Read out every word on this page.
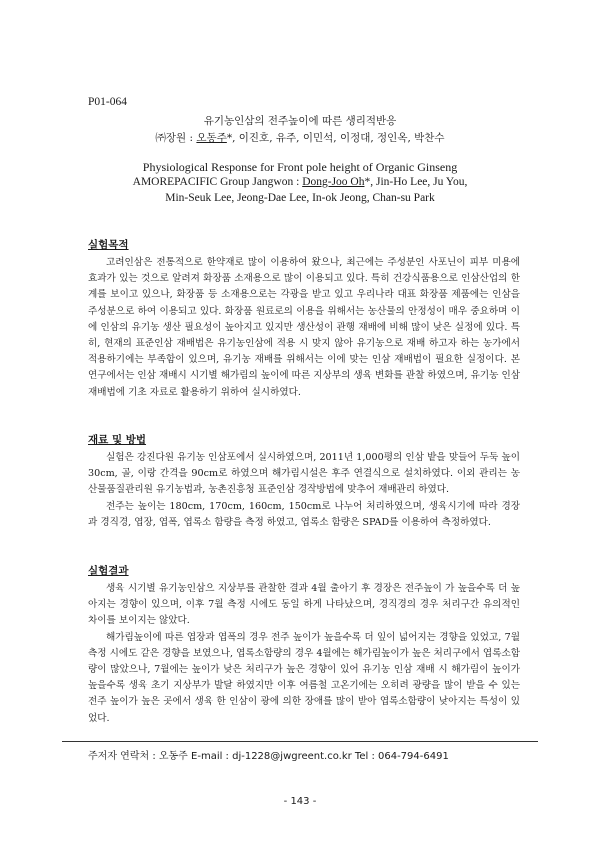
P01-064
유기농인삼의 전주높이에 따른 생리적반응
㈜장원 : 오동주*, 이진호, 유주, 이민석, 이정대, 정인옥, 박찬수
Physiological Response for Front pole height of Organic Ginseng
AMOREPACIFIC Group Jangwon : Dong-Joo Oh*, Jin-Ho Lee, Ju You,
Min-Seuk Lee, Jeong-Dae Lee, In-ok Jeong, Chan-su Park
실험목적

고려인삼은 전통적으로 한약재로 많이 이용하여 왔으나, 최근에는 주성분인 사포닌이 피부 미용에 효과가 있는 것으로 알려져 화장품 소재용으로 많이 이용되고 있다. 특히 건강식품용으로 인삼산업의 한계를 보이고 있으나, 화장품 등 소재용으로는 각광을 받고 있고 우리나라 대표 화장품 제품에는 인삼을 주성분으로 하여 이용되고 있다. 화장품 원료로의 이용을 위해서는 농산물의 안정성이 매우 중요하며 이에 인삼의 유기농 생산 필요성이 높아지고 있지만 생산성이 관행 재배에 비해 많이 낮은 실정에 있다. 특히, 현재의 표준인삼 재배법은 유기농인삼에 적용 시 맞지 않아 유기농으로 재배 하고자 하는 농가에서 적용하기에는 부족함이 있으며, 유기농 재배를 위해서는 이에 맞는 인삼 재배법이 필요한 실정이다. 본 연구에서는 인삼 재배시 시기별 해가림의 높이에 따른 지상부의 생육 변화를 관찰 하였으며, 유기농 인삼 재배법에 기초 자료로 활용하기 위하여 실시하였다.

재료 및 방법

실험은 강진다원 유기농 인삼포에서 실시하였으며, 2011년 1,000평의 인삼 밭을 맞들어 두둑 높이 30cm, 골, 이랑 간격을 90cm로 하였으며 해가림시설은 후주 연결식으로 설치하였다. 이외 관리는 농산물품질관리원 유기농법과, 농촌진흥청 표준인삼 경작방법에 맞추어 재배관리 하였다.

전주는 높이는 180cm, 170cm, 160cm, 150cm로 나누어 처리하였으며, 생육시기에 따라 경장과 경직경, 엽장, 엽폭, 엽록소 함량을 측정 하였고, 엽록소 함량은 SPAD를 이용하여 측정하였다.

실험결과

생육 시기별 유기농인삼으 지상부를 관찰한 결과 4월 출아기 후 경장은 전주높이 가 높을수록 더 높아지는 경향이 있으며, 이후 7월 측정 시에도 동일 하게 나타났으며, 경직경의 경우 처리구간 유의적인 차이를 보이지는 않았다.

해가림높이에 따른 엽장과 엽폭의 경우 전주 높이가 높을수록 더 잎이 넓어지는 경향을 있었고, 7월 측정 시에도 같은 경향을 보였으나, 엽록소함량의 경우 4월에는 해가림높이가 높은 처리구에서 엽록소함량이 많았으나, 7월에는 높이가 낮은 처리구가 높은 경향이 있어 유기농 인삼 재배 시 해가림이 높이가 높을수록 생육 초기 지상부가 발달 하였지만 이후 여름철 고온기에는 오히려 광량을 많이 받을 수 있는 전주 높이가 높은 곳에서 생육 한 인삼이 광에 의한 장애를 많이 받아 엽록소함량이 낮아지는 특성이 있었다.

주저자 연락처 : 오동주 E-mail : dj-1228@jwgreent.co.kr Tel : 064-794-6491
- 143 -
